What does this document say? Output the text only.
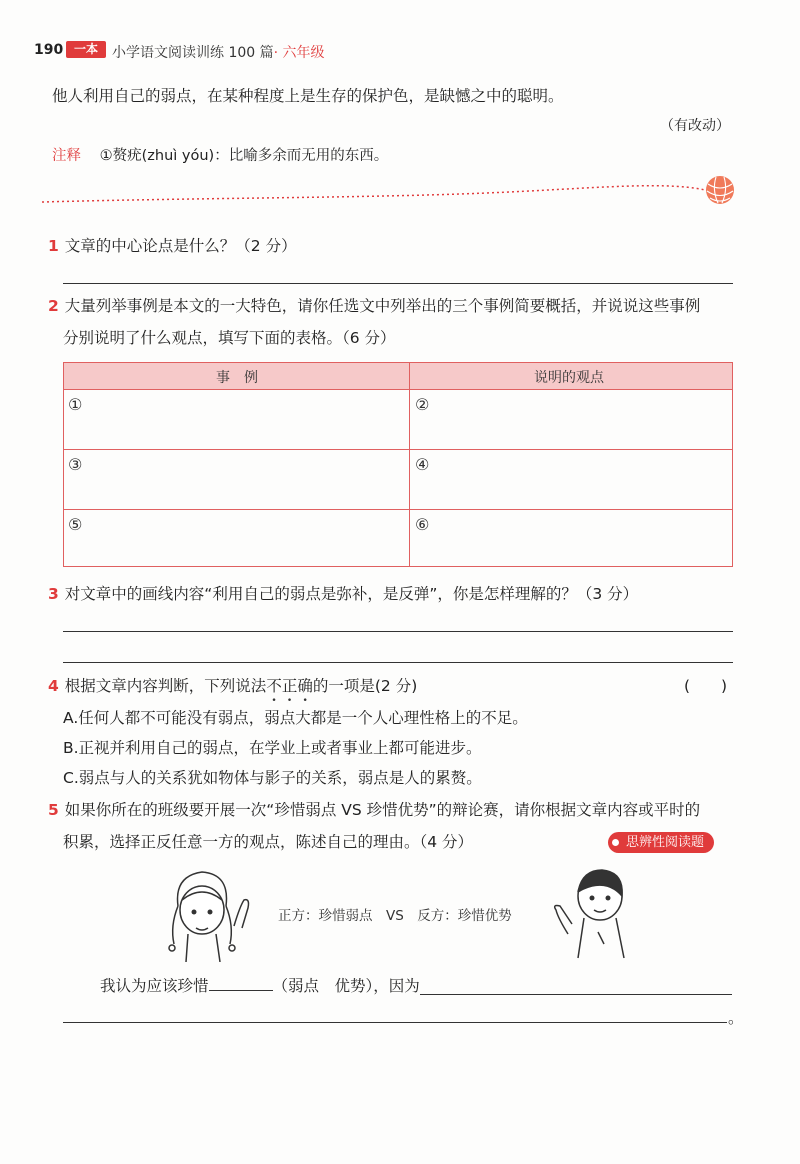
190 一本	小学语文阅读训练 100 篇· 六年级
他人利用自己的弱点，在某种程度上是生存的保护色，是缺憾之中的聪明。
（有改动）
注释 ①赘疣(zhuì yóu)：比喻多余而无用的东西。
1 文章的中心论点是什么？（2 分）
2 大量列举事例是本文的一大特色，请你任选文中列举出的三个事例简要概括，并说说这些事例
分别说明了什么观点，填写下面的表格。（6 分）
事　例	说明的观点
①	②
③	④
⑤	⑥
3 对文章中的画线内容“利用自己的弱点是弥补，是反弹”，你是怎样理解的？（3 分）
4 根据文章内容判断，下列说法不正确的一项是(2 分)	(　　)
A.任何人都不可能没有弱点，弱点大都是一个人心理性格上的不足。
B.正视并利用自己的弱点，在学业上或者事业上都可能进步。
C.弱点与人的关系犹如物体与影子的关系，弱点是人的累赘。
5 如果你所在的班级要开展一次“珍惜弱点 VS 珍惜优势”的辩论赛，请你根据文章内容或平时的
积累，选择正反任意一方的观点，陈述自己的理由。（4 分）	思辨性阅读题
正方：珍惜弱点　VS　反方：珍惜优势
我认为应该珍惜	（弱点　优势），因为
。
